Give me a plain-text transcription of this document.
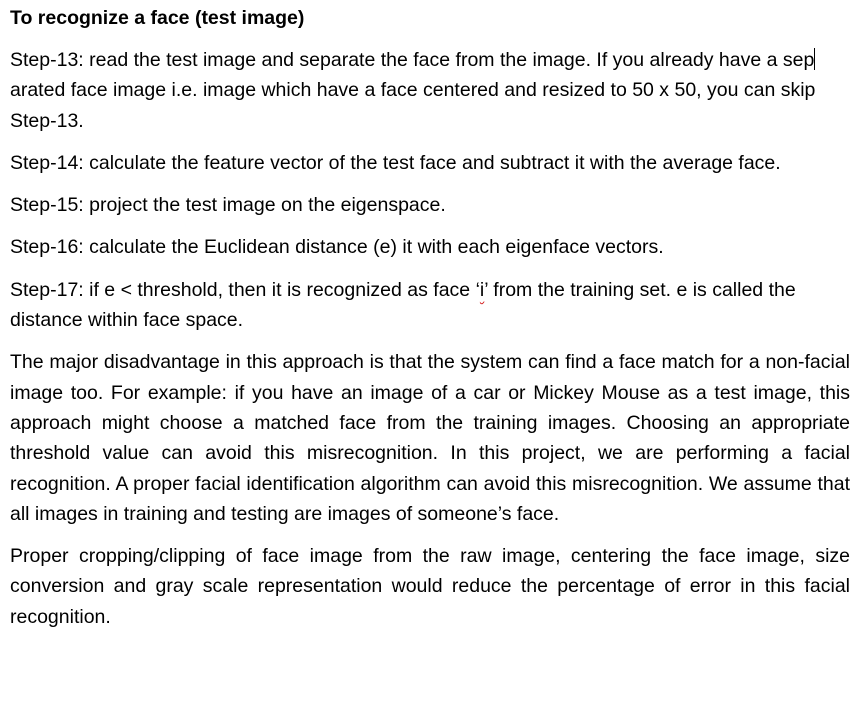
To recognize a face (test image)

Step-13: read the test image and separate the face from the image. If you already have a separated face image i.e. image which have a face centered and resized to 50 x 50, you can skip Step-13.

Step-14: calculate the feature vector of the test face and subtract it with the average face.

Step-15: project the test image on the eigenspace.

Step-16: calculate the Euclidean distance (e) it with each eigenface vectors.

Step-17: if e < threshold, then it is recognized as face ‘i’ from the training set. e is called the distance within face space.

The major disadvantage in this approach is that the system can find a face match for a non-facial image too. For example: if you have an image of a car or Mickey Mouse as a test image, this approach might choose a matched face from the training images. Choosing an appropriate threshold value can avoid this misrecognition. In this project, we are performing a facial recognition. A proper facial identification algorithm can avoid this misrecognition. We assume that all images in training and testing are images of someone’s face.

Proper cropping/clipping of face image from the raw image, centering the face image, size conversion and gray scale representation would reduce the percentage of error in this facial recognition.
